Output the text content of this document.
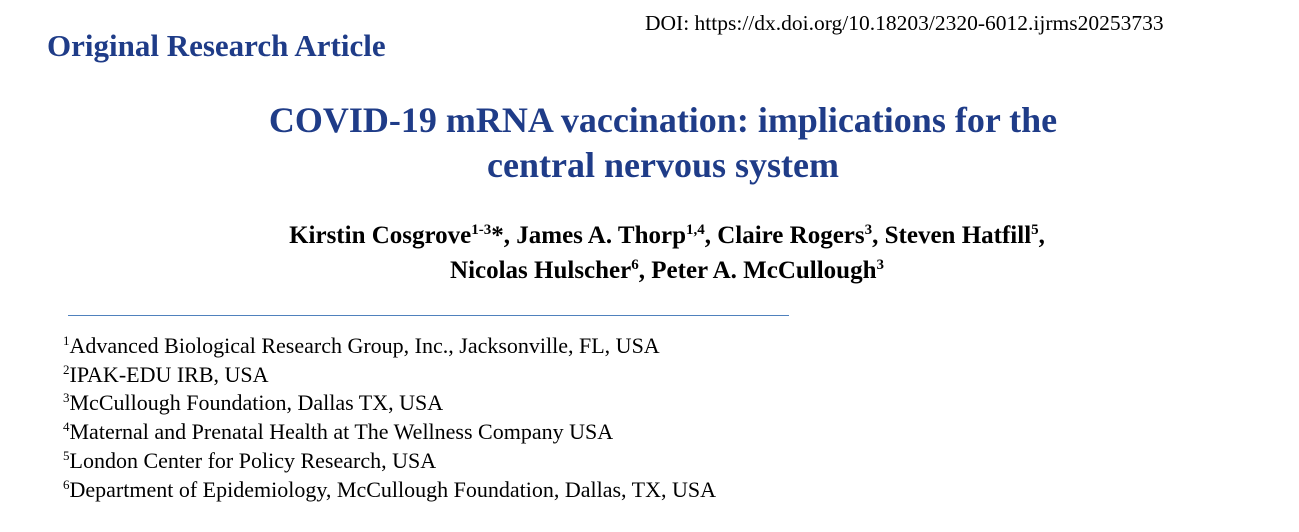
Original Research Article
DOI: https://dx.doi.org/10.18203/2320-6012.ijrms20253733
COVID-19 mRNA vaccination: implications for the
central nervous system
Kirstin Cosgrove$^{1-3}$*, James A. Thorp$^{1,4}$, Claire Rogers$^3$, Steven Hatfill$^5$,
Nicolas Hulscher$^6$, Peter A. McCullough$^3$
$^1$Advanced Biological Research Group, Inc., Jacksonville, FL, USA
$^2$IPAK-EDU IRB, USA
$^3$McCullough Foundation, Dallas TX, USA
$^4$Maternal and Prenatal Health at The Wellness Company USA
$^5$London Center for Policy Research, USA
$^6$Department of Epidemiology, McCullough Foundation, Dallas, TX, USA
